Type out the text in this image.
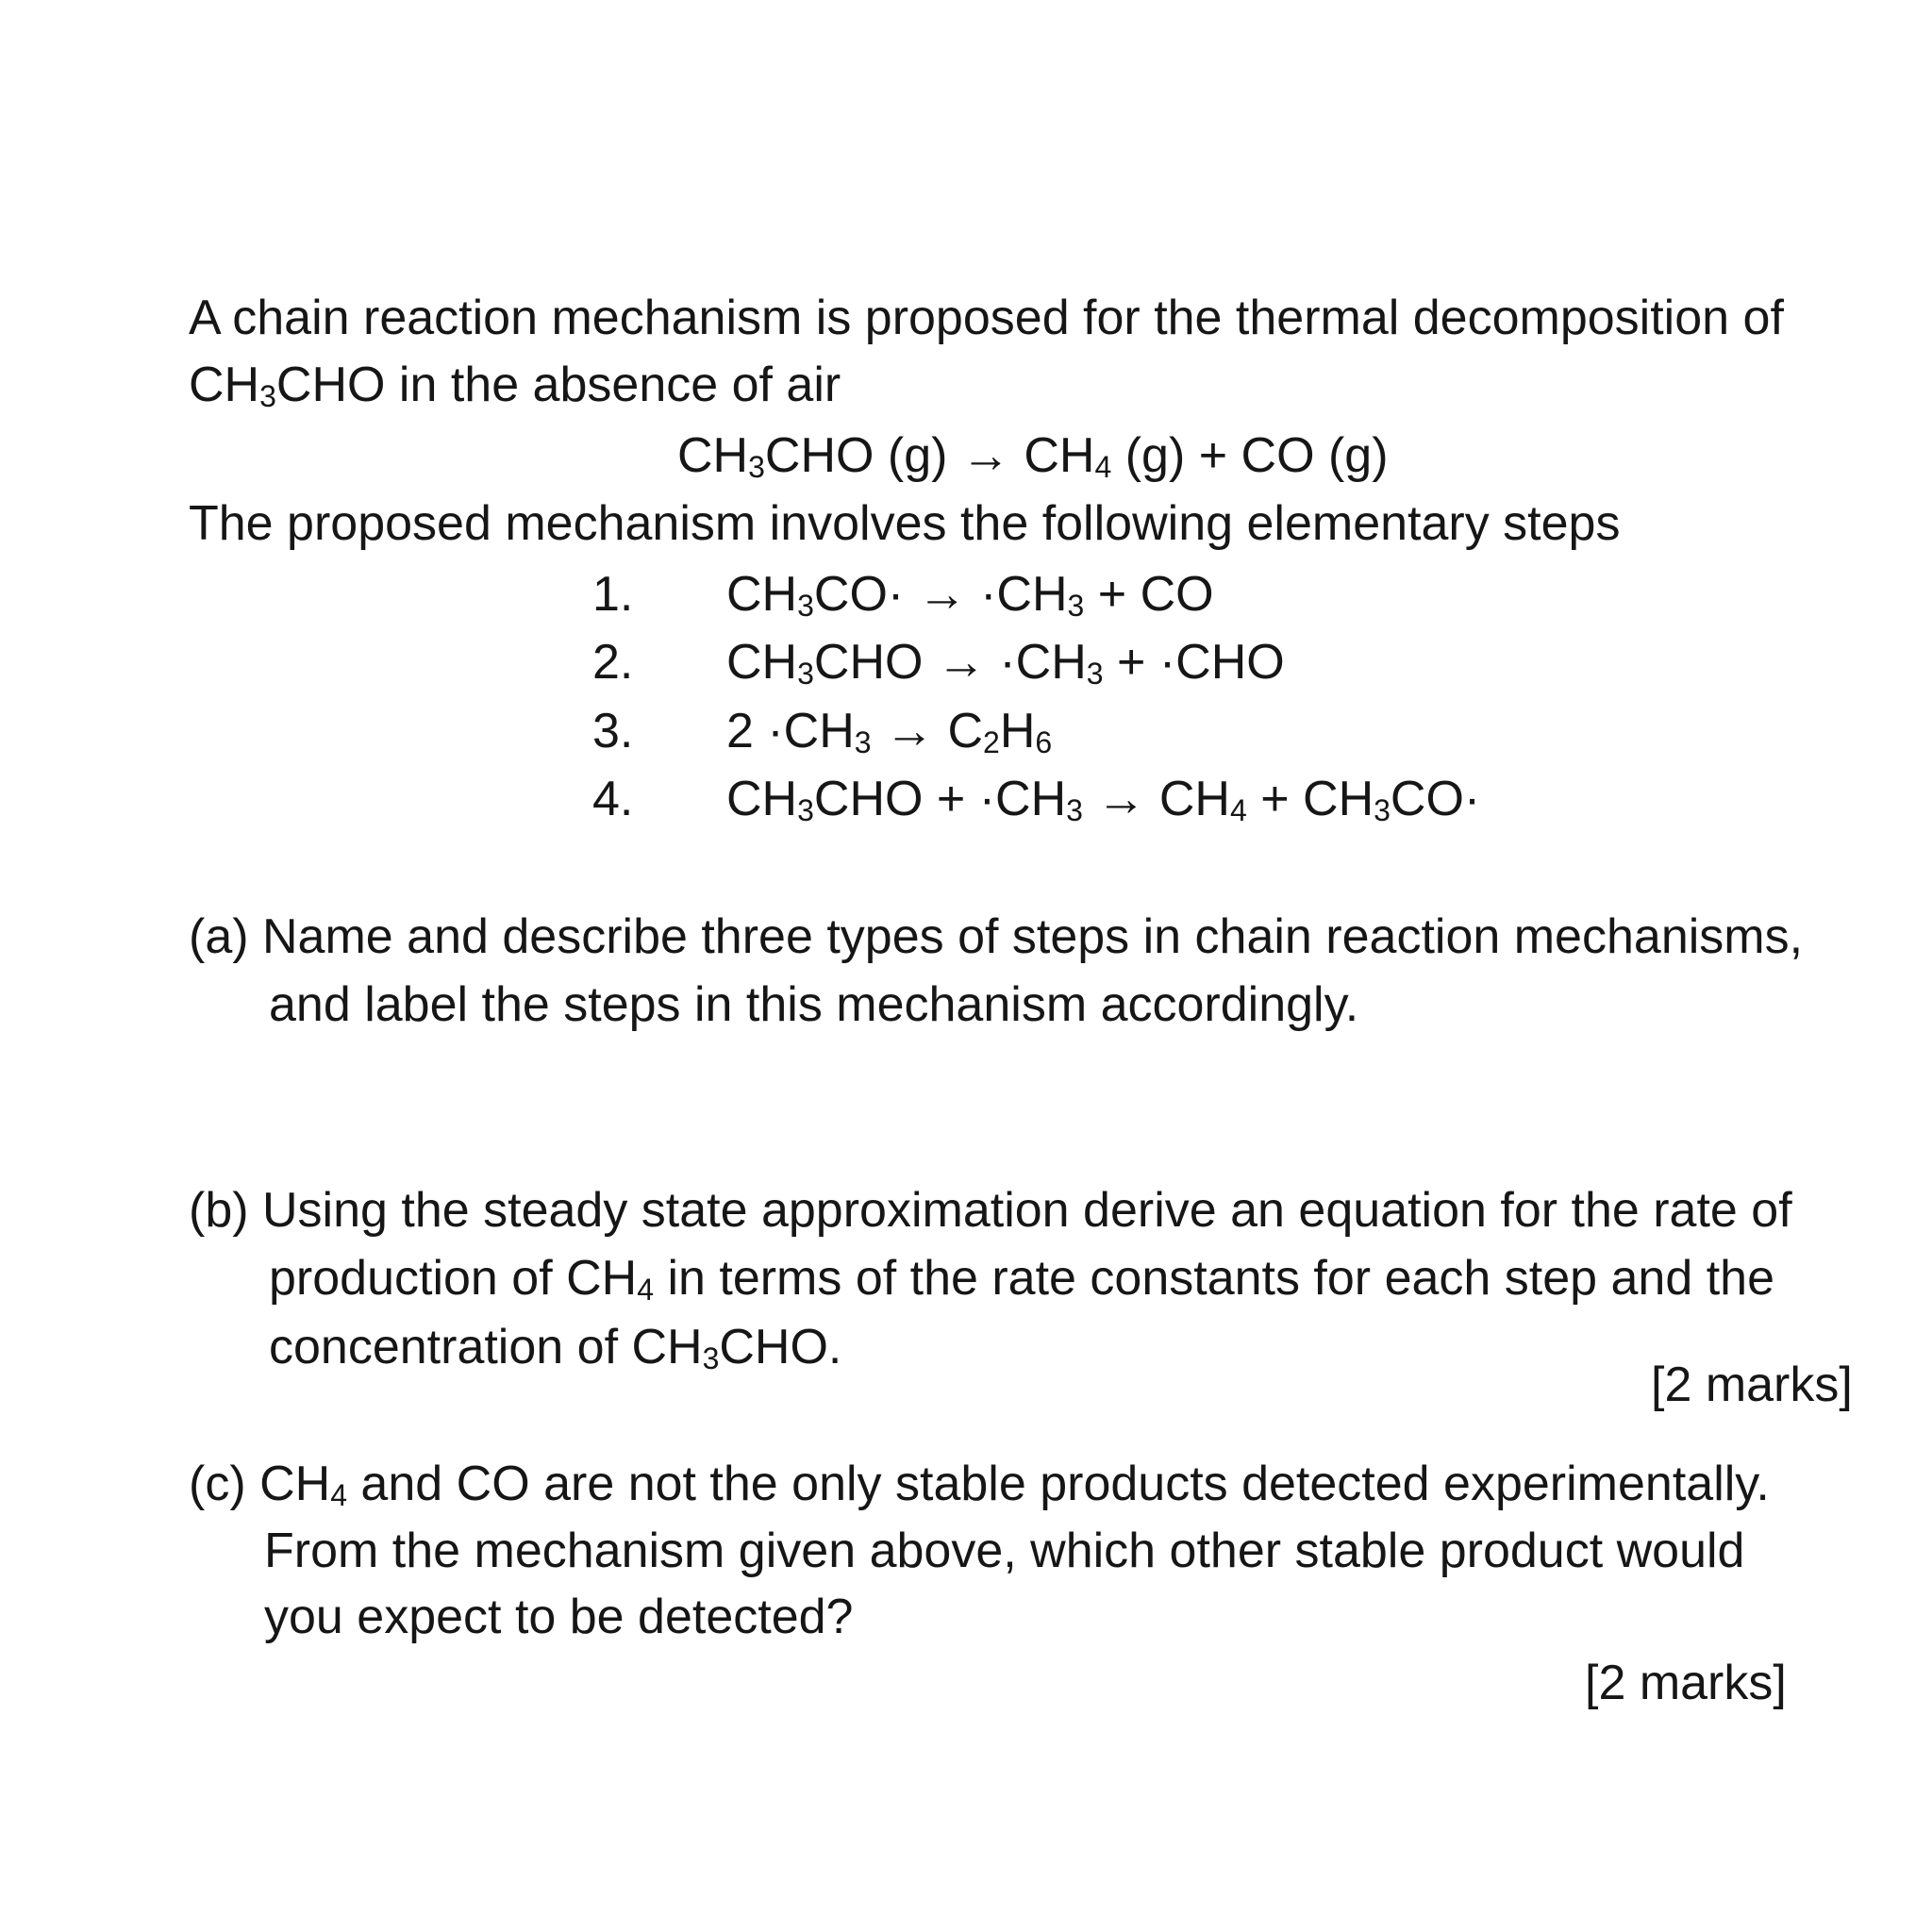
A chain reaction mechanism is proposed for the thermal decomposition of
$CH_3CHO$ in the absence of air
$CH_3CHO$ $(g) \to CH_4$ (g) + CO (g)
The proposed mechanism involves the following elementary steps
1. $CH_3CO\cdot \to \cdot CH_3$ + CO
2. $CH_3CHO \to \cdot CH_3 + \cdot CHO$
3. $2 \cdot CH_3 \to C_2H_6$
4. $CH_3CHO + \cdot CH_3 \to CH_4 + CH_3CO\cdot$
(a) Name and describe three types of steps in chain reaction mechanisms,
and label the steps in this mechanism accordingly.
(b) Using the steady state approximation derive an equation for the rate of
production of $CH_4$ in terms of the rate constants for each step and the
concentration of $CH_3CHO$.
[2 marks]
(c) $CH_4$ and CO are not the only stable products detected experimentally.
From the mechanism given above, which other stable product would
you expect to be detected?
[2 marks]
